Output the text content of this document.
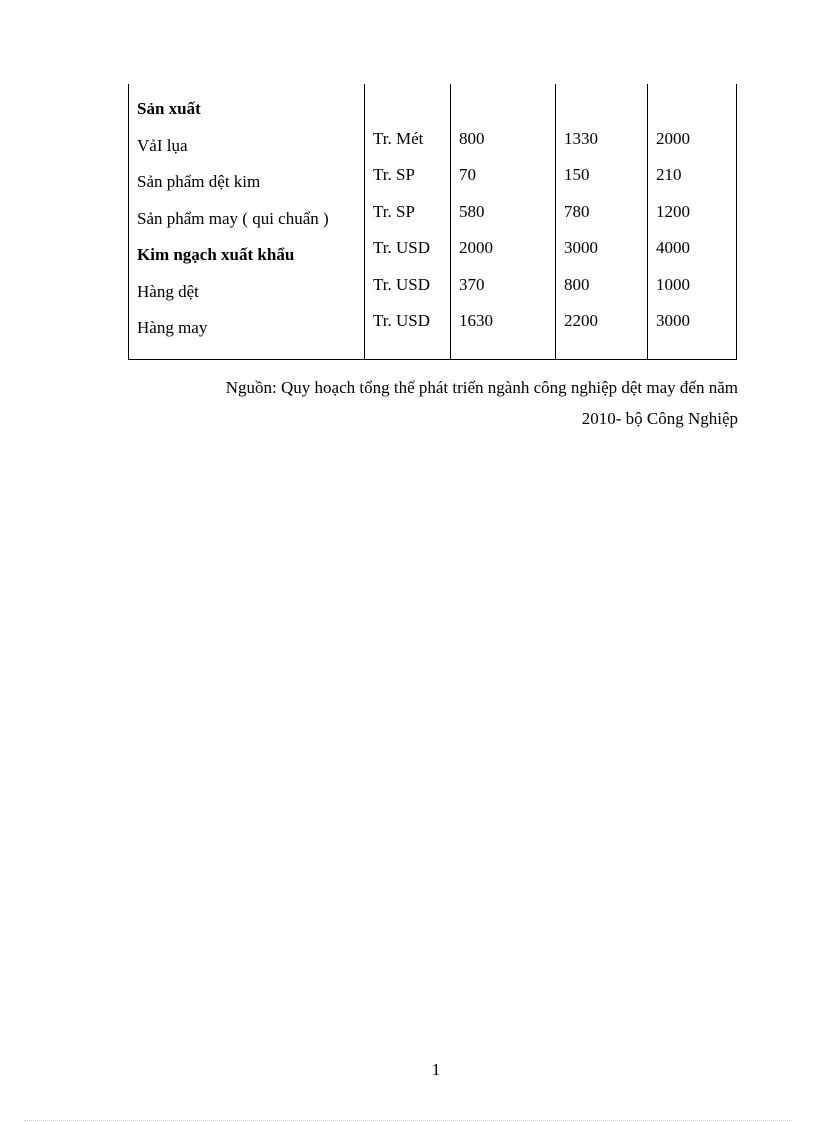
Sản xuất				
VảI lụa	Tr. Mét	800	1330	2000
Sản phẩm dệt kim	Tr. SP	70	150	210
Sản phẩm may ( qui chuẩn )	Tr. SP	580	780	1200
Kim ngạch xuất khẩu	Tr. USD	2000	3000	4000
Hàng dệt	Tr. USD	370	800	1000
Hàng may	Tr. USD	1630	2200	3000
Nguồn: Quy hoạch tổng thể phát triển ngành công nghiệp dệt may đến năm
2010- bộ Công Nghiệp
1
